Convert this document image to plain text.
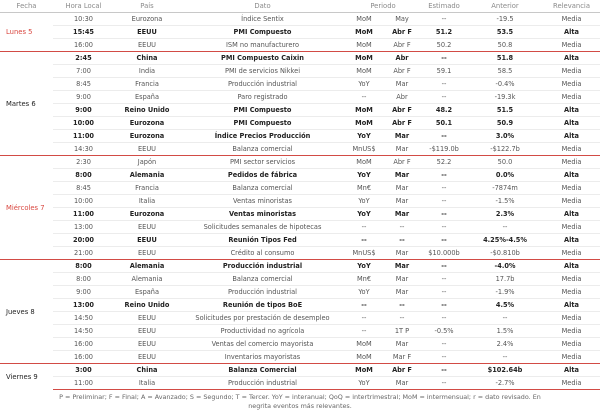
Fecha	Hora Local	País	Dato	Periodo		Estimado	Anterior	Relevancia
Lunes 5	10:30	Eurozona	Índice Sentix	MoM	May	--	-19.5	Media
	15:45	EEUU	PMI Compuesto	MoM	Abr F	51.2	53.5	Alta
	16:00	EEUU	ISM no manufacturero	MoM	Abr F	50.2	50.8	Media
Martes 6	2:45	China	PMI Compuesto Caixin	MoM	Abr	--	51.8	Alta
	7:00	India	PMI de servicios Nikkei	MoM	Abr F	59.1	58.5	Media
	8:45	Francia	Producción industrial	YoY	Mar	--	-0.4%	Media
	9:00	España	Paro registrado	--	Abr	--	-19.3k	Media
	9:00	Reino Unido	PMI Compuesto	MoM	Abr F	48.2	51.5	Alta
	10:00	Eurozona	PMI Compuesto	MoM	Abr F	50.1	50.9	Alta
	11:00	Eurozona	Índice Precios Producción	YoY	Mar	--	3.0%	Alta
	14:30	EEUU	Balanza comercial	MnUS$	Mar	-$119.0b	-$122.7b	Media
Miércoles 7	2:30	Japón	PMI sector servicios	MoM	Abr F	52.2	50.0	Media
	8:00	Alemania	Pedidos de fábrica	YoY	Mar	--	0.0%	Alta
	8:45	Francia	Balanza comercial	Mn€	Mar	--	-7874m	Media
	10:00	Italia	Ventas minoristas	YoY	Mar	--	-1.5%	Media
	11:00	Eurozona	Ventas minoristas	YoY	Mar	--	2.3%	Alta
	13:00	EEUU	Solicitudes semanales de hipotecas	--	--	--	--	Media
	20:00	EEUU	Reunión Tipos Fed	--	--	--	4.25%-4.5%	Alta
	21:00	EEUU	Crédito al consumo	MnUS$	Mar	$10.000b	-$0.810b	Media
Jueves 8	8:00	Alemania	Producción industrial	YoY	Mar	--	-4.0%	Alta
	8:00	Alemania	Balanza comercial	Mn€	Mar	--	17.7b	Media
	9:00	España	Producción industrial	YoY	Mar	--	-1.9%	Media
	13:00	Reino Unido	Reunión de tipos BoE	--	--	--	4.5%	Alta
	14:50	EEUU	Solicitudes por prestación de desempleo	--	--	--	--	Media
	14:50	EEUU	Productividad no agrícola	--	1T P	-0.5%	1.5%	Media
	16:00	EEUU	Ventas del comercio mayorista	MoM	Mar	--	2.4%	Media
	16:00	EEUU	Inventarios mayoristas	MoM	Mar F	--	--	Media
Viernes 9	3:00	China	Balanza Comercial	MoM	Abr F	--	$102.64b	Alta
	11:00	Italia	Producción industrial	YoY	Mar	--	-2.7%	Media
P = Preliminar; F = Final; A = Avanzado; S = Segundo; T = Tercer. YoY = interanual; QoQ = intertrimestral; MoM = intermensual; r = dato revisado. En
negrita eventos más relevantes.
